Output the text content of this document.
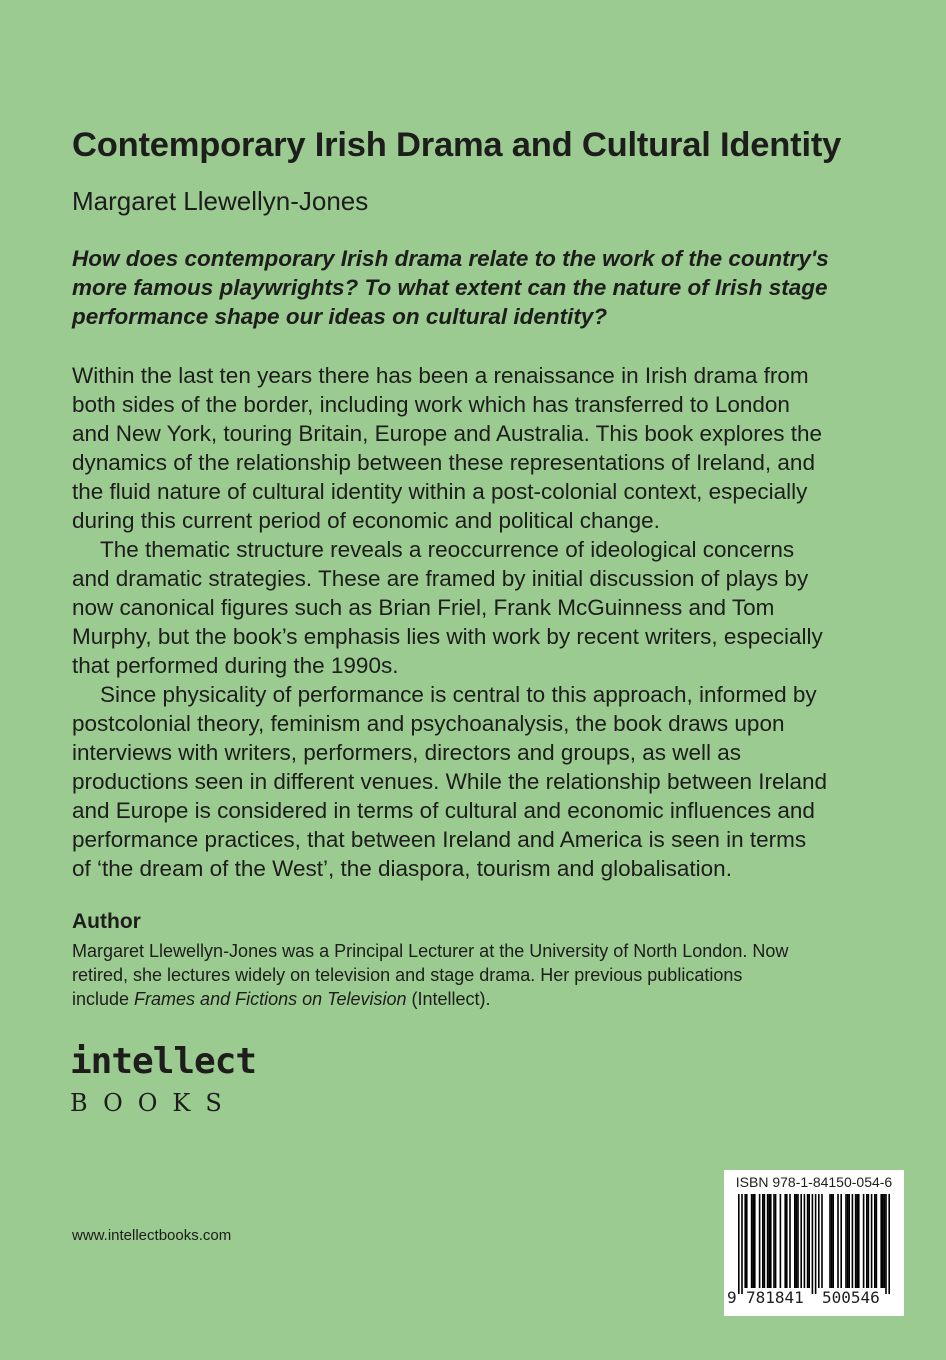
Contemporary Irish Drama and Cultural Identity
Margaret Llewellyn-Jones
How does contemporary Irish drama relate to the work of the country's
more famous playwrights? To what extent can the nature of Irish stage
performance shape our ideas on cultural identity?
Within the last ten years there has been a renaissance in Irish drama from
both sides of the border, including work which has transferred to London
and New York, touring Britain, Europe and Australia. This book explores the
dynamics of the relationship between these representations of Ireland, and
the fluid nature of cultural identity within a post-colonial context, especially
during this current period of economic and political change.
The thematic structure reveals a reoccurrence of ideological concerns
and dramatic strategies. These are framed by initial discussion of plays by
now canonical figures such as Brian Friel, Frank McGuinness and Tom
Murphy, but the book’s emphasis lies with work by recent writers, especially
that performed during the 1990s.
Since physicality of performance is central to this approach, informed by
postcolonial theory, feminism and psychoanalysis, the book draws upon
interviews with writers, performers, directors and groups, as well as
productions seen in different venues. While the relationship between Ireland
and Europe is considered in terms of cultural and economic influences and
performance practices, that between Ireland and America is seen in terms
of ‘the dream of the West’, the diaspora, tourism and globalisation.
Author
Margaret Llewellyn-Jones was a Principal Lecturer at the University of North London. Now
retired, she lectures widely on television and stage drama. Her previous publications
include Frames and Fictions on Television (Intellect).
intellect
BOOKS
www.intellectbooks.com
ISBN 978-1-84150-054-6
9 781841 500546
